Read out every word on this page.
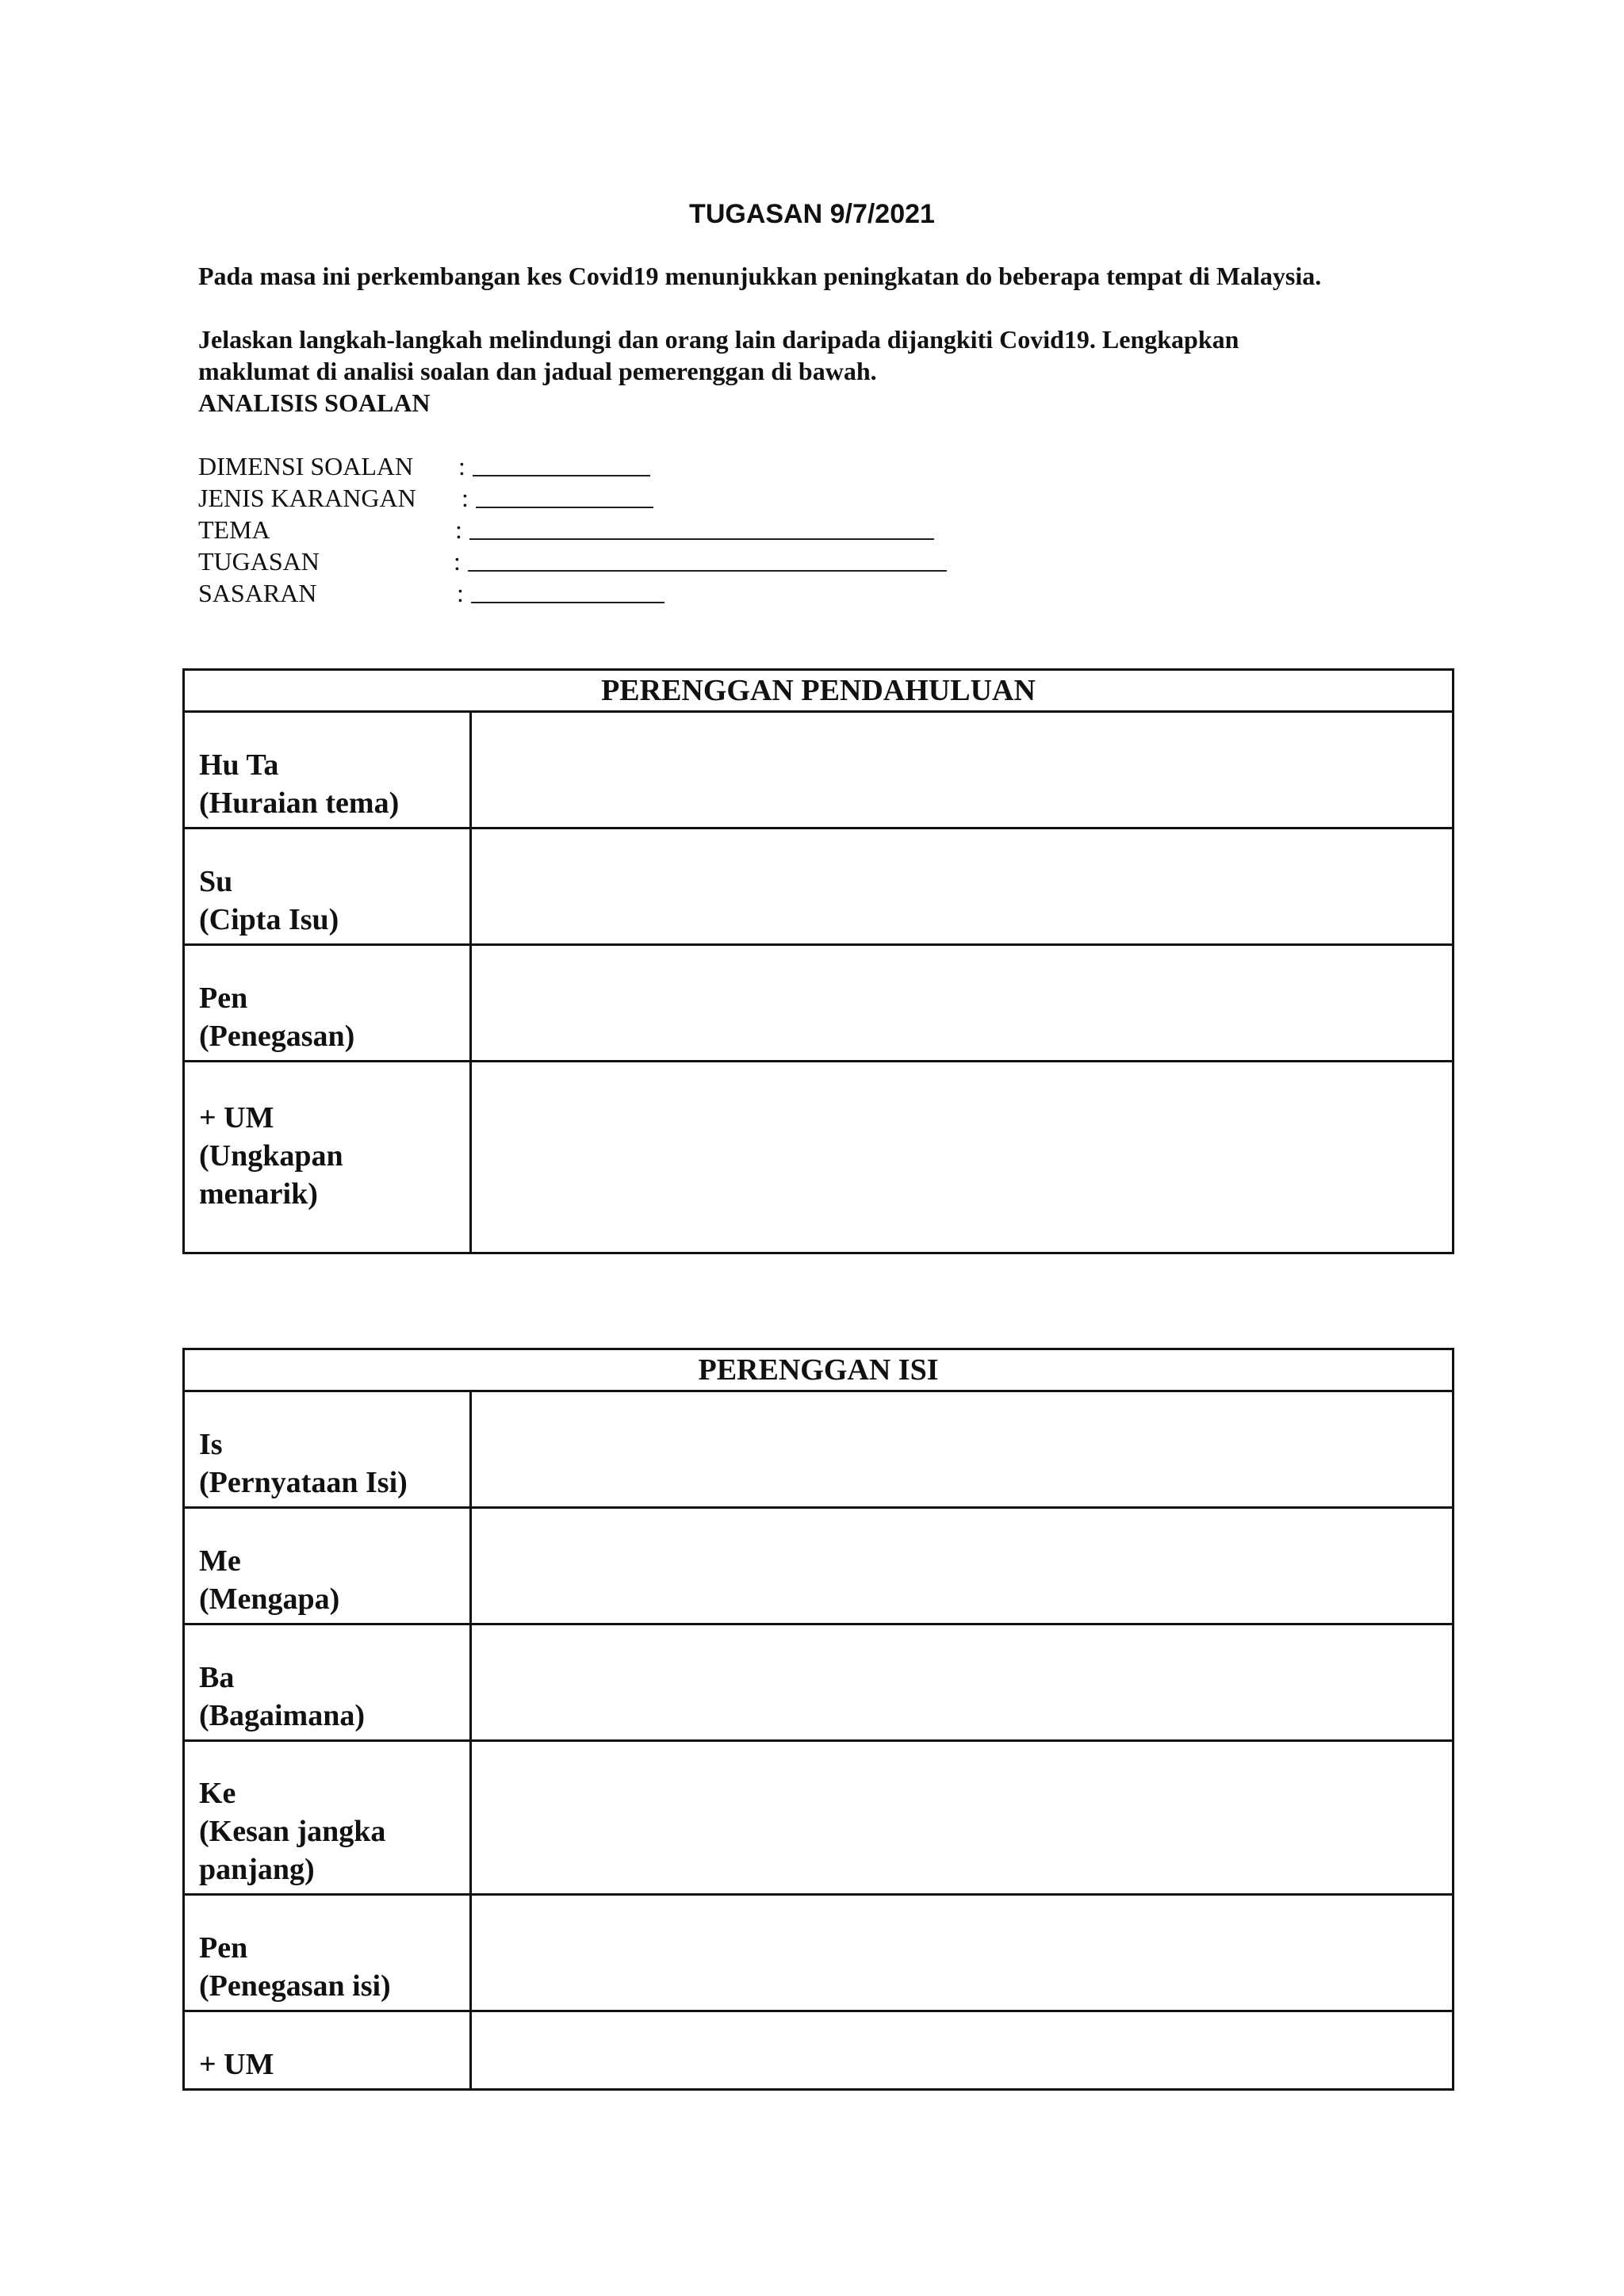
TUGASAN 9/7/2021
Pada masa ini perkembangan kes Covid19 menunjukkan peningkatan do beberapa tempat di Malaysia.
Jelaskan langkah-langkah melindungi dan orang lain daripada dijangkiti Covid19. Lengkapkan
maklumat di analisi soalan dan jadual pemerenggan di bawah.
ANALISIS SOALAN
DIMENSI SOALAN :
JENIS KARANGAN :
TEMA	:
TUGASAN	:
SASARAN	:
PERENGGAN PENDAHULUAN	

Hu Ta
(Huraian tema)	

Su
(Cipta Isu)	

Pen
(Penegasan)	

+ UM
(Ungkapan
menarik)	

PERENGGAN ISI	

Is
(Pernyataan Isi)	

Me
(Mengapa)	

Ba
(Bagaimana)	

Ke
(Kesan jangka
panjang)	

Pen
(Penegasan isi)	

+ UM	
